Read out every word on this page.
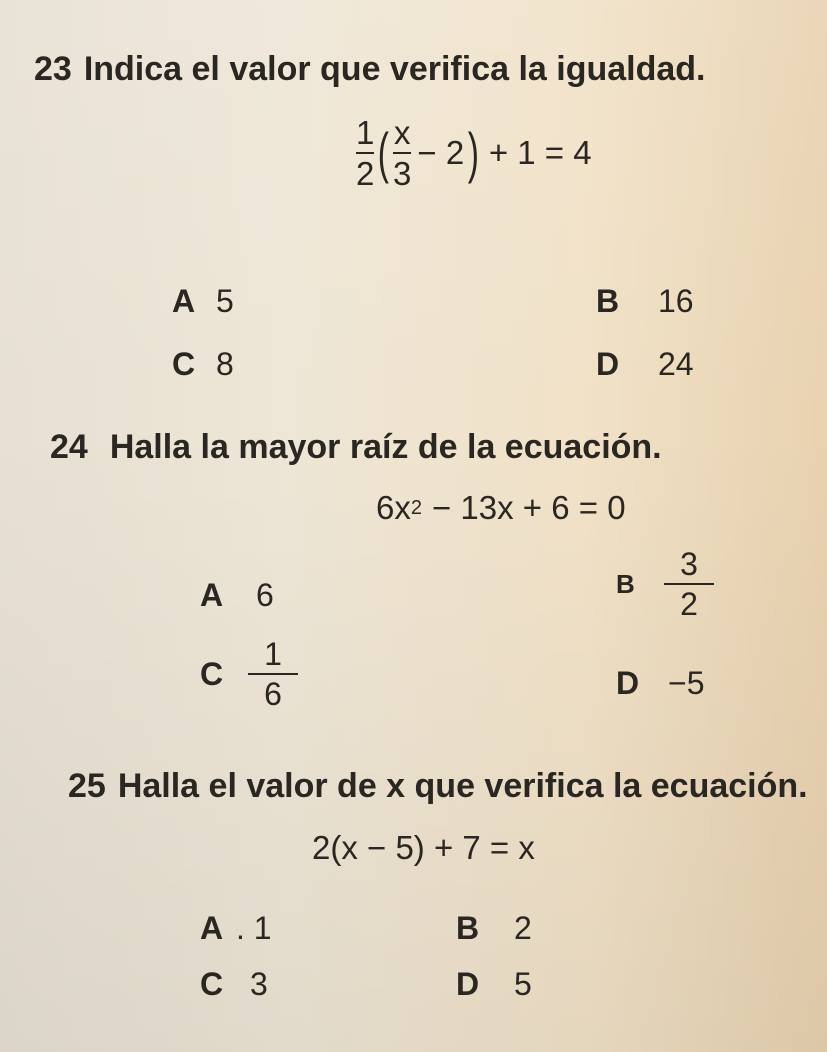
23 Indica el valor que verifica la igualdad.
$\frac{1}{2}$ ( $\frac{x}{3} - 2$ ) + 1 = 4
A 5	B	16
C 8	D	24
24 Halla la mayor raíz de la ecuación.
6x 2 − 13x + 6 = 0
A	6	B $\frac{3}{2}$
C $\frac{1}{6}$	D −5
25 Halla el valor de x que verifica la ecuación.
2(x − 5) + 7 = x
A . 1	B	2
C 3	D	5
